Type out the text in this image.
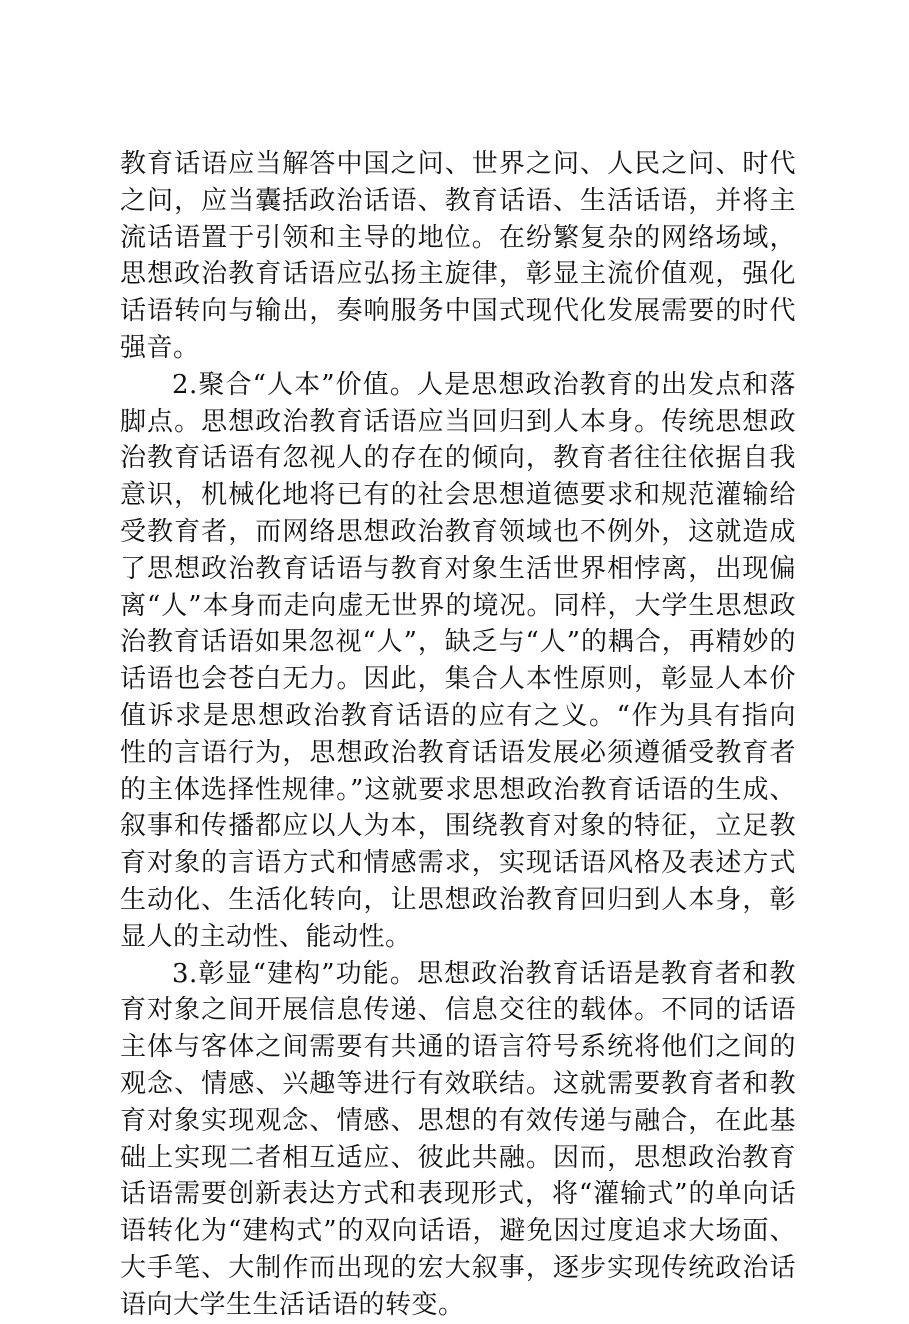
教育话语应当解答中国之问、世界之问、人民之问、时代之问，应当囊括政治话语、教育话语、生活话语，并将主流话语置于引领和主导的地位。在纷繁复杂的网络场域，思想政治教育话语应弘扬主旋律，彰显主流价值观，强化话语转向与输出，奏响服务中国式现代化发展需要的时代强音。

2.聚合“人本”价值。人是思想政治教育的出发点和落脚点。思想政治教育话语应当回归到人本身。传统思想政治教育话语有忽视人的存在的倾向，教育者往往依据自我意识，机械化地将已有的社会思想道德要求和规范灌输给受教育者，而网络思想政治教育领域也不例外，这就造成了思想政治教育话语与教育对象生活世界相悖离，出现偏离“人”本身而走向虚无世界的境况。同样，大学生思想政治教育话语如果忽视“人”，缺乏与“人”的耦合，再精妙的话语也会苍白无力。因此，集合人本性原则，彰显人本价值诉求是思想政治教育话语的应有之义。“作为具有指向性的言语行为，思想政治教育话语发展必须遵循受教育者的主体选择性规律。”这就要求思想政治教育话语的生成、叙事和传播都应以人为本，围绕教育对象的特征，立足教育对象的言语方式和情感需求，实现话语风格及表述方式生动化、生活化转向，让思想政治教育回归到人本身，彰显人的主动性、能动性。

3.彰显“建构”功能。思想政治教育话语是教育者和教育对象之间开展信息传递、信息交往的载体。不同的话语主体与客体之间需要有共通的语言符号系统将他们之间的观念、情感、兴趣等进行有效联结。这就需要教育者和教育对象实现观念、情感、思想的有效传递与融合，在此基础上实现二者相互适应、彼此共融。因而，思想政治教育话语需要创新表达方式和表现形式，将“灌输式”的单向话语转化为“建构式”的双向话语，避免因过度追求大场面、大手笔、大制作而出现的宏大叙事，逐步实现传统政治话语向大学生生活话语的转变。
